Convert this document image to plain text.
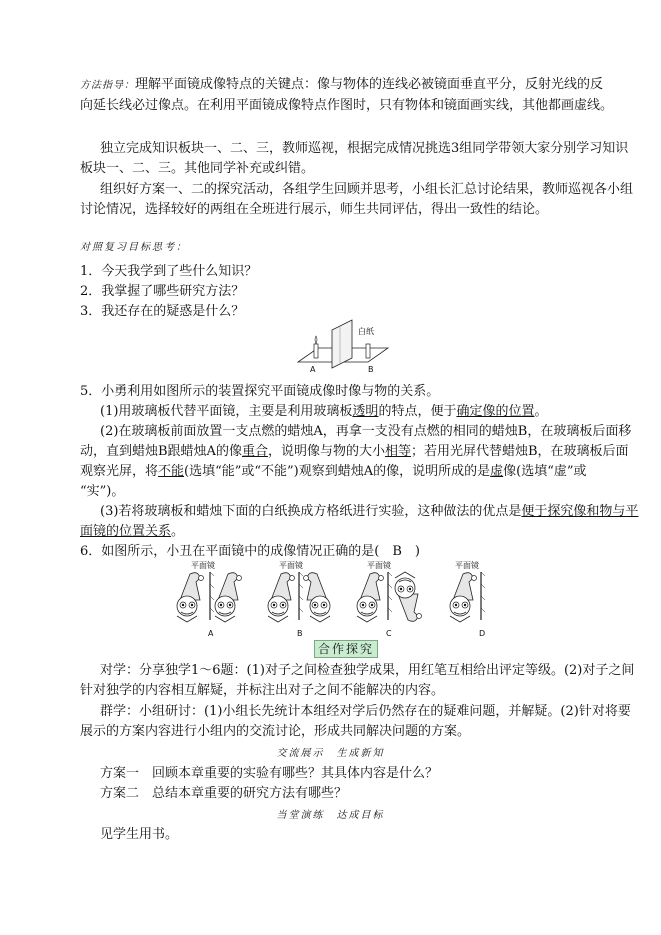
方法指导：理解平面镜成像特点的关键点：像与物体的连线必被镜面垂直平分，反射光线的反
向延长线必过像点。在利用平面镜成像特点作图时，只有物体和镜面画实线，其他都画虚线。
独立完成知识板块一、二、三，教师巡视，根据完成情况挑选3组同学带领大家分别学习知识
板块一、二、三。其他同学补充或纠错。
组织好方案一、二的探究活动，各组学生回顾并思考，小组长汇总讨论结果，教师巡视各小组
讨论情况，选择较好的两组在全班进行展示，师生共同评估，得出一致性的结论。
对照复习目标思考：
1．今天我学到了些什么知识？
2．我掌握了哪些研究方法？
3．我还存在的疑惑是什么？
白纸
A	B
5．小勇利用如图所示的装置探究平面镜成像时像与物的关系。
(1)用玻璃板代替平面镜，主要是利用玻璃板透明的特点，便于确定像的位置。
(2)在玻璃板前面放置一支点燃的蜡烛A，再拿一支没有点燃的相同的蜡烛B，在玻璃板后面移
动，直到蜡烛B跟蜡烛A的像重合，说明像与物的大小相等；若用光屏代替蜡烛B，在玻璃板后面
观察光屏，将不能(选填“能”或“不能”)观察到蜡烛A的像，说明所成的是虚像(选填“虚”或
“实”)。
(3)若将玻璃板和蜡烛下面的白纸换成方格纸进行实验，这种做法的优点是便于探究像和物与平
面镜的位置关系。
6．如图所示，小丑在平面镜中的成像情况正确的是(　B　)
平面镜
A
平面镜
B
平面镜
C
平面镜
D
合作探究
对学：分享独学1～6题：(1)对子之间检查独学成果，用红笔互相给出评定等级。(2)对子之间
针对独学的内容相互解疑，并标注出对子之间不能解决的内容。
群学：小组研讨：(1)小组长先统计本组经对学后仍然存在的疑难问题，并解疑。(2)针对将要
展示的方案内容进行小组内的交流讨论，形成共同解决问题的方案。
交流展示　生成新知
方案一　回顾本章重要的实验有哪些？其具体内容是什么？
方案二　总结本章重要的研究方法有哪些？
当堂演练　达成目标
见学生用书。
